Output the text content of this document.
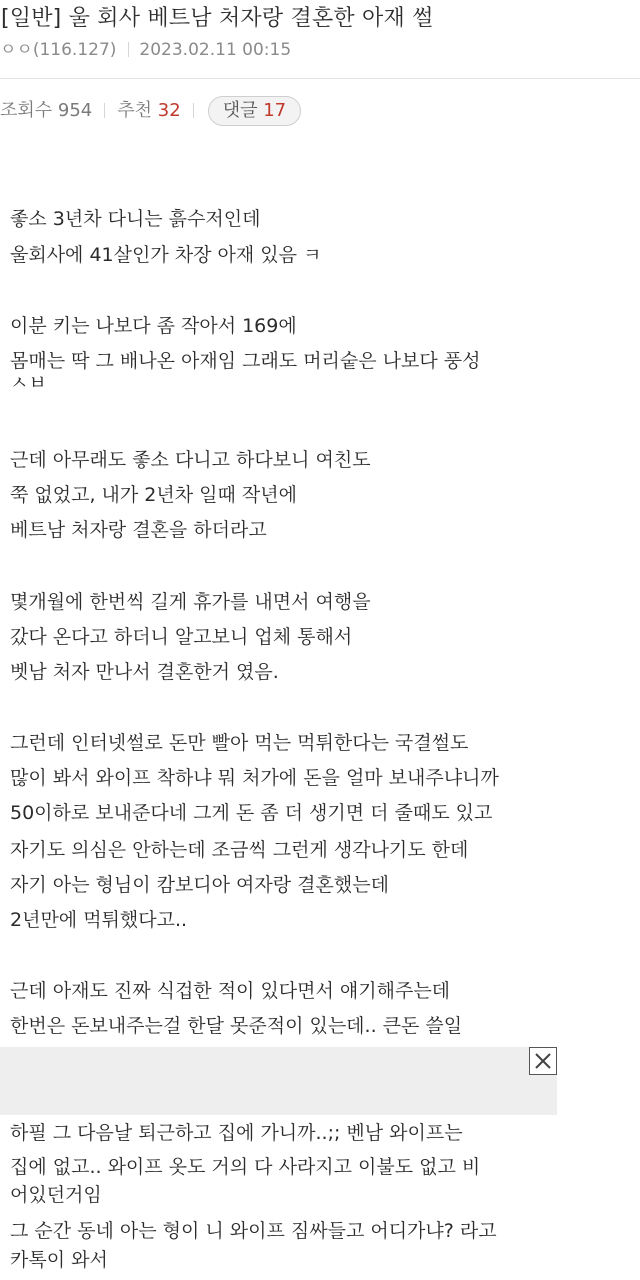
[일반] 울 회사 베트남 처자랑 결혼한 아재 썰
ㅇㅇ(116.127) 2023.02.11 00:15
조회수 954 추천 32 댓글 17
좋소 3년차 다니는 흙수저인데
울회사에 41살인가 차장 아재 있음 ㅋ
이분 키는 나보다 좀 작아서 169에
몸매는 딱 그 배나온 아재임 그래도 머리숱은 나보다 풍성
ㅅㅂ
근데 아무래도 좋소 다니고 하다보니 여친도
쭉 없었고, 내가 2년차 일때 작년에
베트남 처자랑 결혼을 하더라고
몇개월에 한번씩 길게 휴가를 내면서 여행을
갔다 온다고 하더니 알고보니 업체 통해서
벳남 처자 만나서 결혼한거 였음.
그런데 인터넷썰로 돈만 빨아 먹는 먹튀한다는 국결썰도
많이 봐서 와이프 착하냐 뭐 처가에 돈을 얼마 보내주냐니까
50이하로 보내준다네 그게 돈 좀 더 생기면 더 줄때도 있고
자기도 의심은 안하는데 조금씩 그런게 생각나기도 한데
자기 아는 형님이 캄보디아 여자랑 결혼했는데
2년만에 먹튀했다고..
근데 아재도 진짜 식겁한 적이 있다면서 얘기해주는데
한번은 돈보내주는걸 한달 못준적이 있는데.. 큰돈 쓸일
하필 그 다음날 퇴근하고 집에 가니까..;; 벤남 와이프는
집에 없고.. 와이프 옷도 거의 다 사라지고 이불도 없고 비
어있던거임
그 순간 동네 아는 형이 니 와이프 짐싸들고 어디가냐? 라고
카톡이 와서
